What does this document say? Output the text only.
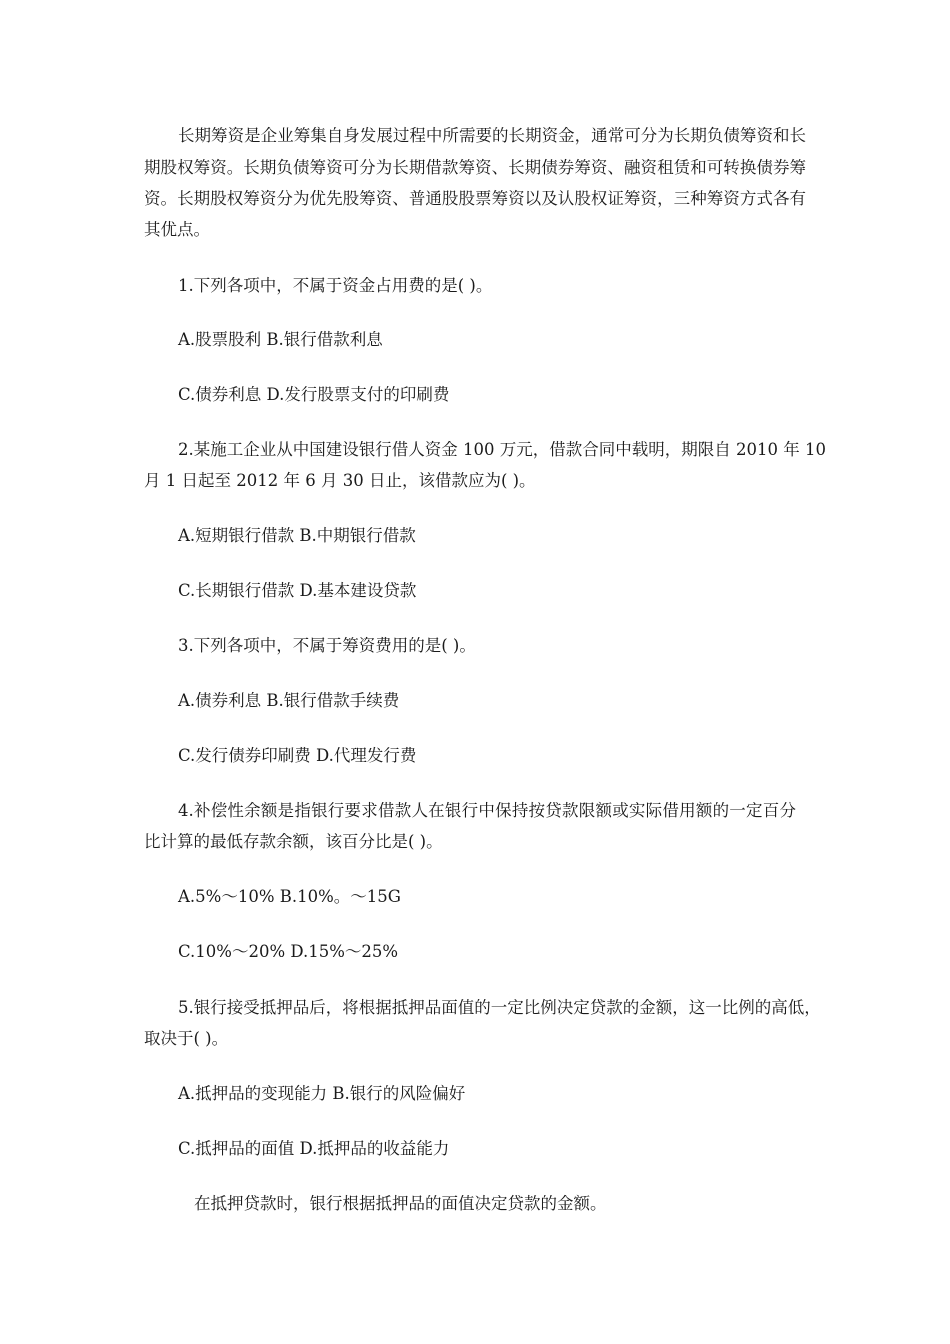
长期筹资是企业筹集自身发展过程中所需要的长期资金，通常可分为长期负债筹资和长
期股权筹资。长期负债筹资可分为长期借款筹资、长期债券筹资、融资租赁和可转换债券筹
资。长期股权筹资分为优先股筹资、普通股股票筹资以及认股权证筹资，三种筹资方式各有
其优点。
1.下列各项中，不属于资金占用费的是( )。
A.股票股利 B.银行借款利息
C.债券利息 D.发行股票支付的印刷费
2.某施工企业从中国建设银行借人资金 100 万元，借款合同中载明，期限自 2010 年 10
月 1 日起至 2012 年 6 月 30 日止，该借款应为( )。
A.短期银行借款 B.中期银行借款
C.长期银行借款 D.基本建设贷款
3.下列各项中，不属于筹资费用的是( )。
A.债券利息 B.银行借款手续费
C.发行债券印刷费 D.代理发行费
4.补偿性余额是指银行要求借款人在银行中保持按贷款限额或实际借用额的一定百分
比计算的最低存款余额，该百分比是( )。
A.5%～10% B.10%。～15G
C.10%～20% D.15%～25%
5.银行接受抵押品后，将根据抵押品面值的一定比例决定贷款的金额，这一比例的高低，
取决于( )。
A.抵押品的变现能力 B.银行的风险偏好
C.抵押品的面值 D.抵押品的收益能力
在抵押贷款时，银行根据抵押品的面值决定贷款的金额。
